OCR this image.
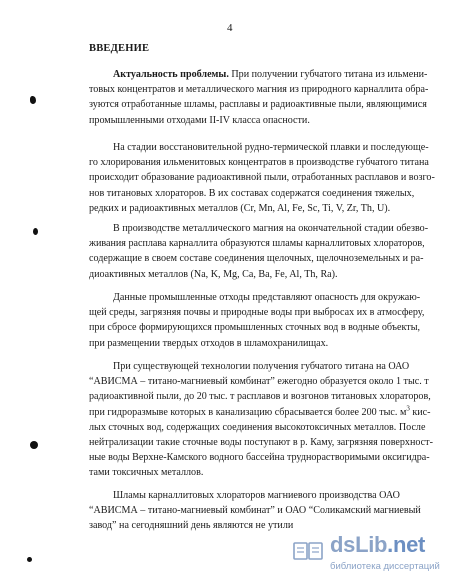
4
ВВЕДЕНИЕ
Актуальность проблемы. При получении губчатого титана из ильмени-
товых концентратов и металлического магния из природного карналлита обра-
зуются отработанные шламы, расплавы и радиоактивные пыли, являющимися
промышленными отходами II-IV класса опасности.
На стадии восстановительной рудно-термической плавки и последующе-
го хлорирования ильменитовых концентратов в производстве губчатого титана
происходит образование радиоактивной пыли, отработанных расплавов и возго-
нов титановых хлораторов. В их составах содержатся соединения тяжелых,
редких и радиоактивных металлов (Cr, Mn, Al, Fe, Sc, Ti, V, Zr, Th, U).
В производстве металлического магния на окончательной стадии обезво-
живания расплава карналлита образуются шламы карналлитовых хлораторов,
содержащие в своем составе соединения щелочных, щелочноземельных и ра-
диоактивных металлов (Na, K, Mg, Ca, Ba, Fe, Al, Th, Ra).
Данные промышленные отходы представляют опасность для окружаю-
щей среды, загрязняя почвы и природные воды при выбросах их в атмосферу,
при сбросе формирующихся промышленных сточных вод в водные объекты,
при размещении твердых отходов в шламохранилищах.
При существующей технологии получения губчатого титана на ОАО
“АВИСМА – титано-магниевый комбинат” ежегодно образуется около 1 тыс. т
радиоактивной пыли, до 20 тыс. т расплавов и возгонов титановых хлораторов,
при гидроразмыве которых в канализацию сбрасывается более 200 тыс. $м^3$ кис-
лых сточных вод, содержащих соединения высокотоксичных металлов. После
нейтрализации такие сточные воды поступают в р. Каму, загрязняя поверхност-
ные воды Верхне-Камского водного бассейна труднорастворимыми оксигидра-
тами токсичных металлов.
Шламы карналлитовых хлораторов магниевого производства ОАО
“АВИСМА – титано-магниевый комбинат” и ОАО “Соликамский магниевый
завод” на сегодняшний день являются не утили
dsLib.net
библиотека диссертаций
